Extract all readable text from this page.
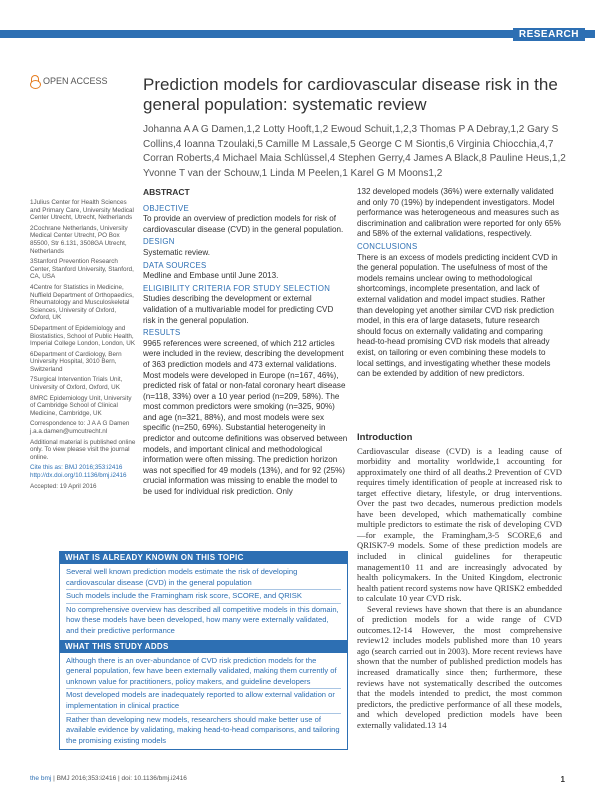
RESEARCH
OPEN ACCESS Prediction models for cardiovascular disease risk in the general population: systematic review
Johanna A A G Damen,1,2 Lotty Hooft,1,2 Ewoud Schuit,1,2,3 Thomas P A Debray,1,2 Gary S Collins,4 Ioanna Tzoulaki,5 Camille M Lassale,5 George C M Siontis,6 Virginia Chiocchia,4,7 Corran Roberts,4 Michael Maia Schlüssel,4 Stephen Gerry,4 James A Black,8 Pauline Heus,1,2 Yvonne T van der Schouw,1 Linda M Peelen,1 Karel G M Moons1,2

1Julius Center for Health Sciences and Primary Care, University Medical Center Utrecht, Utrecht, Netherlands

2Cochrane Netherlands, University Medical Center Utrecht, PO Box 85500, Str 6.131, 3508GA Utrecht, Netherlands

3Stanford Prevention Research Center, Stanford University, Stanford, CA, USA

4Centre for Statistics in Medicine, Nuffield Department of Orthopaedics, Rheumatology and Musculoskeletal Sciences, University of Oxford, Oxford, UK

5Department of Epidemiology and Biostatistics, School of Public Health, Imperial College London, London, UK

6Department of Cardiology, Bern University Hospital, 3010 Bern, Switzerland

7Surgical Intervention Trials Unit, University of Oxford, Oxford, UK

8MRC Epidemiology Unit, University of Cambridge School of Clinical Medicine, Cambridge, UK

Correspondence to: J A A G Damen j.a.a.damen@umcutrecht.nl

Additional material is published online only. To view please visit the journal online.

Cite this as: BMJ 2016;353:i2416

http://dx.doi.org/10.1136/bmj.i2416

Accepted: 19 April 2016

ABSTRACT
OBJECTIVE

To provide an overview of prediction models for risk of cardiovascular disease (CVD) in the general population.

DESIGN

Systematic review.

DATA SOURCES

Medline and Embase until June 2013.

ELIGIBILITY CRITERIA FOR STUDY SELECTION

Studies describing the development or external validation of a multivariable model for predicting CVD risk in the general population.

RESULTS

9965 references were screened, of which 212 articles were included in the review, describing the development of 363 prediction models and 473 external validations. Most models were developed in Europe (n=167, 46%), predicted risk of fatal or non-fatal coronary heart disease (n=118, 33%) over a 10 year period (n=209, 58%). The most common predictors were smoking (n=325, 90%) and age (n=321, 88%), and most models were sex specific (n=250, 69%). Substantial heterogeneity in predictor and outcome definitions was observed between models, and important clinical and methodological information were often missing. The prediction horizon was not specified for 49 models (13%), and for 92 (25%) crucial information was missing to enable the model to be used for individual risk prediction. Only

132 developed models (36%) were externally validated and only 70 (19%) by independent investigators. Model performance was heterogeneous and measures such as discrimination and calibration were reported for only 65% and 58% of the external validations, respectively.

CONCLUSIONS

There is an excess of models predicting incident CVD in the general population. The usefulness of most of the models remains unclear owing to methodological shortcomings, incomplete presentation, and lack of external validation and model impact studies. Rather than developing yet another similar CVD risk prediction model, in this era of large datasets, future research should focus on externally validating and comparing head-to-head promising CVD risk models that already exist, on tailoring or even combining these models to local settings, and investigating whether these models can be extended by addition of new predictors.

Introduction

Cardiovascular disease (CVD) is a leading cause of morbidity and mortality worldwide,1 accounting for approximately one third of all deaths.2 Prevention of CVD requires timely identification of people at increased risk to target effective dietary, lifestyle, or drug interventions. Over the past two decades, numerous prediction models have been developed, which mathematically combine multiple predictors to estimate the risk of developing CVD—for example, the Framingham,3-5 SCORE,6 and QRISK7-9 models. Some of these prediction models are included in clinical guidelines for therapeutic management10 11 and are increasingly advocated by health policymakers. In the United Kingdom, electronic health patient record systems now have QRISK2 embedded to calculate 10 year CVD risk.

Several reviews have shown that there is an abundance of prediction models for a wide range of CVD outcomes.12-14 However, the most comprehensive review12 includes models published more than 10 years ago (search carried out in 2003). More recent reviews have shown that the number of published prediction models has increased dramatically since then; furthermore, these reviews have not systematically described the outcomes that the models intended to predict, the most common predictors, the predictive performance of all these models, and which developed prediction models have been externally validated.13 14

WHAT IS ALREADY KNOWN ON THIS TOPIC

Several well known prediction models estimate the risk of developing cardiovascular disease (CVD) in the general population

Such models include the Framingham risk score, SCORE, and QRISK

No comprehensive overview has described all competitive models in this domain, how these models have been developed, how many were externally validated, and their predictive performance

WHAT THIS STUDY ADDS

Although there is an over-abundance of CVD risk prediction models for the general population, few have been externally validated, making them currently of unknown value for practitioners, policy makers, and guideline developers

Most developed models are inadequately reported to allow external validation or implementation in clinical practice

Rather than developing new models, researchers should make better use of available evidence by validating, making head-to-head comparisons, and tailoring the promising existing models

the bmj | BMJ 2016;353:i2416 | doi: 10.1136/bmj.i2416	1
